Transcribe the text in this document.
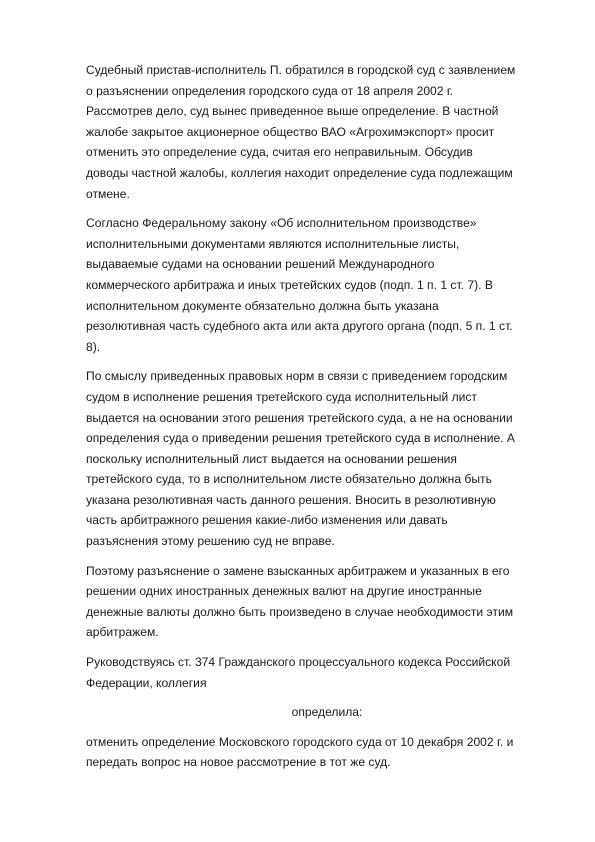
Судебный пристав-исполнитель П. обратился в городской суд с заявлением
о разъяснении определения городского суда от 18 апреля 2002 г.
Рассмотрев дело, суд вынес приведенное выше определение. В частной
жалобе закрытое акционерное общество ВАО «Агрохимэкспорт» просит
отменить это определение суда, считая его неправильным. Обсудив
доводы частной жалобы, коллегия находит определение суда подлежащим
отмене.

Согласно Федеральному закону «Об исполнительном производстве»
исполнительными документами являются исполнительные листы,
выдаваемые судами на основании решений Международного
коммерческого арбитража и иных третейских судов (подп. 1 п. 1 ст. 7). В
исполнительном документе обязательно должна быть указана
резолютивная часть судебного акта или акта другого органа (подп. 5 п. 1 ст.
8).

По смыслу приведенных правовых норм в связи с приведением городским
судом в исполнение решения третейского суда исполнительный лист
выдается на основании этого решения третейского суда, а не на основании
определения суда о приведении решения третейского суда в исполнение. А
поскольку исполнительный лист выдается на основании решения
третейского суда, то в исполнительном листе обязательно должна быть
указана резолютивная часть данного решения. Вносить в резолютивную
часть арбитражного решения какие-либо изменения или давать
разъяснения этому решению суд не вправе.

Поэтому разъяснение о замене взысканных арбитражем и указанных в его
решении одних иностранных денежных валют на другие иностранные
денежные валюты должно быть произведено в случае необходимости этим
арбитражем.

Руководствуясь ст. 374 Гражданского процессуального кодекса Российской
Федерации, коллегия

определила:

отменить определение Московского городского суда от 10 декабря 2002 г. и
передать вопрос на новое рассмотрение в тот же суд.
